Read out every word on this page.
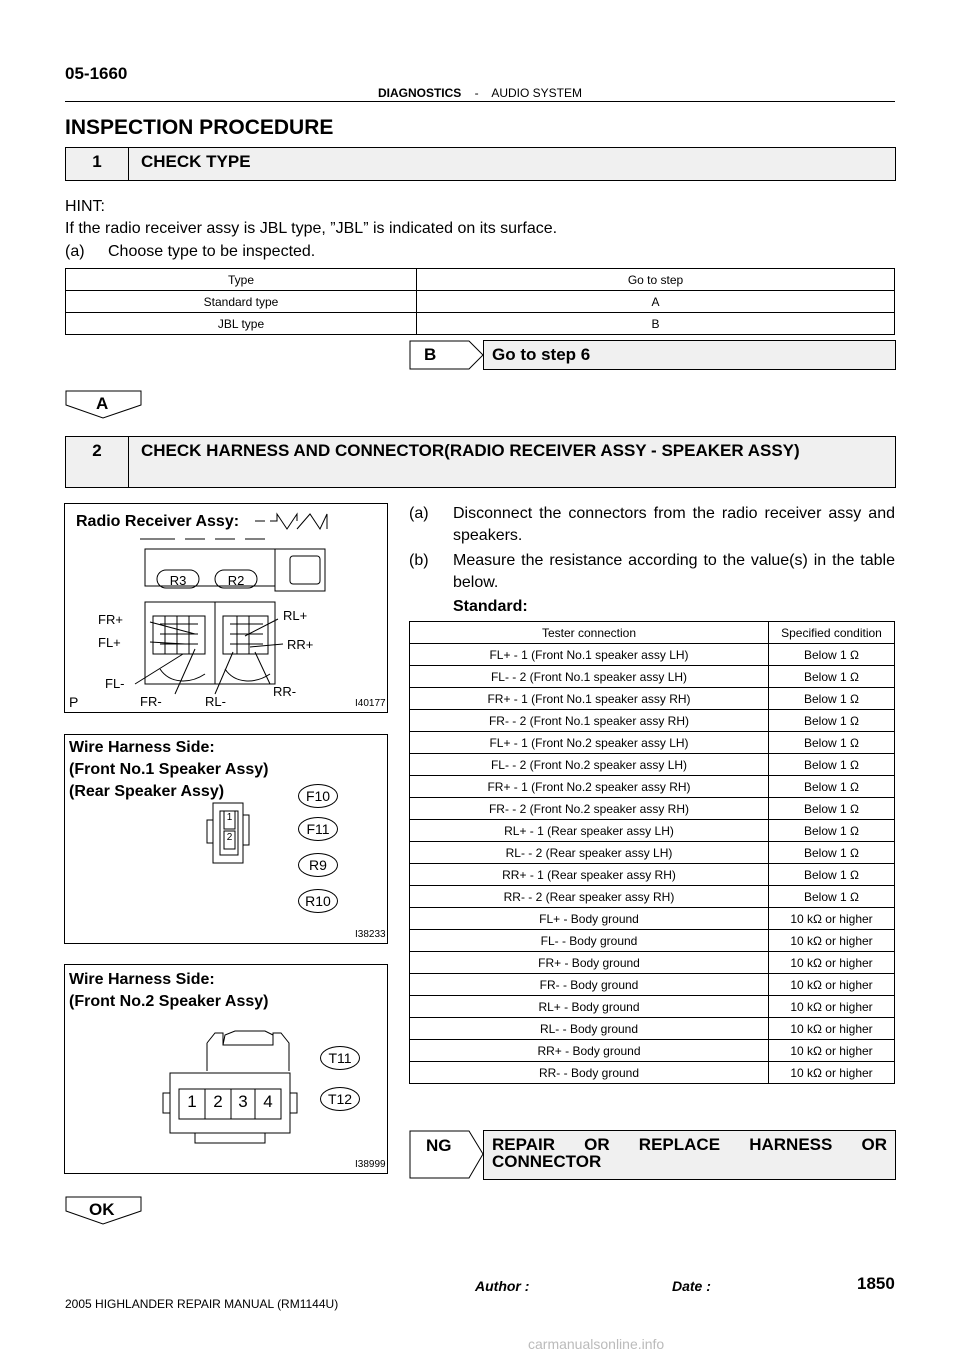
05-1660
DIAGNOSTICS - AUDIO SYSTEM
INSPECTION PROCEDURE
1	CHECK TYPE
HINT:
If the radio receiver assy is JBL type, ”JBL” is indicated on its surface.
(a) Choose type to be inspected.
Type	Go to step
Standard type	A
JBL type	B
B	Go to step 6
A
2	CHECK HARNESS AND CONNECTOR(RADIO RECEIVER ASSY - SPEAKER ASSY)
Radio Receiver Assy:
R3	R2
FR+
FL+
FL-
FR-	RL-
RR-
RR+
RL+
P	I40177
Wire Harness Side:
(Front No.1 Speaker Assy)
(Rear Speaker Assy)
1
2
F10
F11
R9
R10
I38233
Wire Harness Side:
(Front No.2 Speaker Assy)
1 2 3 4
T11
T12
I38999
(a) Disconnect the connectors from the radio receiver assy and speakers.
(b) Measure the resistance according to the value(s) in the table below.
Standard:
Tester connection	Specified condition
FL+ - 1 (Front No.1 speaker assy LH)	Below 1 Ω
FL- - 2 (Front No.1 speaker assy LH)	Below 1 Ω
FR+ - 1 (Front No.1 speaker assy RH)	Below 1 Ω
FR- - 2 (Front No.1 speaker assy RH)	Below 1 Ω
FL+ - 1 (Front No.2 speaker assy LH)	Below 1 Ω
FL- - 2 (Front No.2 speaker assy LH)	Below 1 Ω
FR+ - 1 (Front No.2 speaker assy RH)	Below 1 Ω
FR- - 2 (Front No.2 speaker assy RH)	Below 1 Ω
RL+ - 1 (Rear speaker assy LH)	Below 1 Ω
RL- - 2 (Rear speaker assy LH)	Below 1 Ω
RR+ - 1 (Rear speaker assy RH)	Below 1 Ω
RR- - 2 (Rear speaker assy RH)	Below 1 Ω
FL+ - Body ground	10 kΩ or higher
FL- - Body ground	10 kΩ or higher
FR+ - Body ground	10 kΩ or higher
FR- - Body ground	10 kΩ or higher
RL+ - Body ground	10 kΩ or higher
RL- - Body ground	10 kΩ or higher
RR+ - Body ground	10 kΩ or higher
RR- - Body ground	10 kΩ or higher
NG REPAIR OR REPLACE HARNESS OR CONNECTOR
OK
2005 HIGHLANDER REPAIR MANUAL (RM1144U)
Author :	Date :	1850
carmanualsonline.info
